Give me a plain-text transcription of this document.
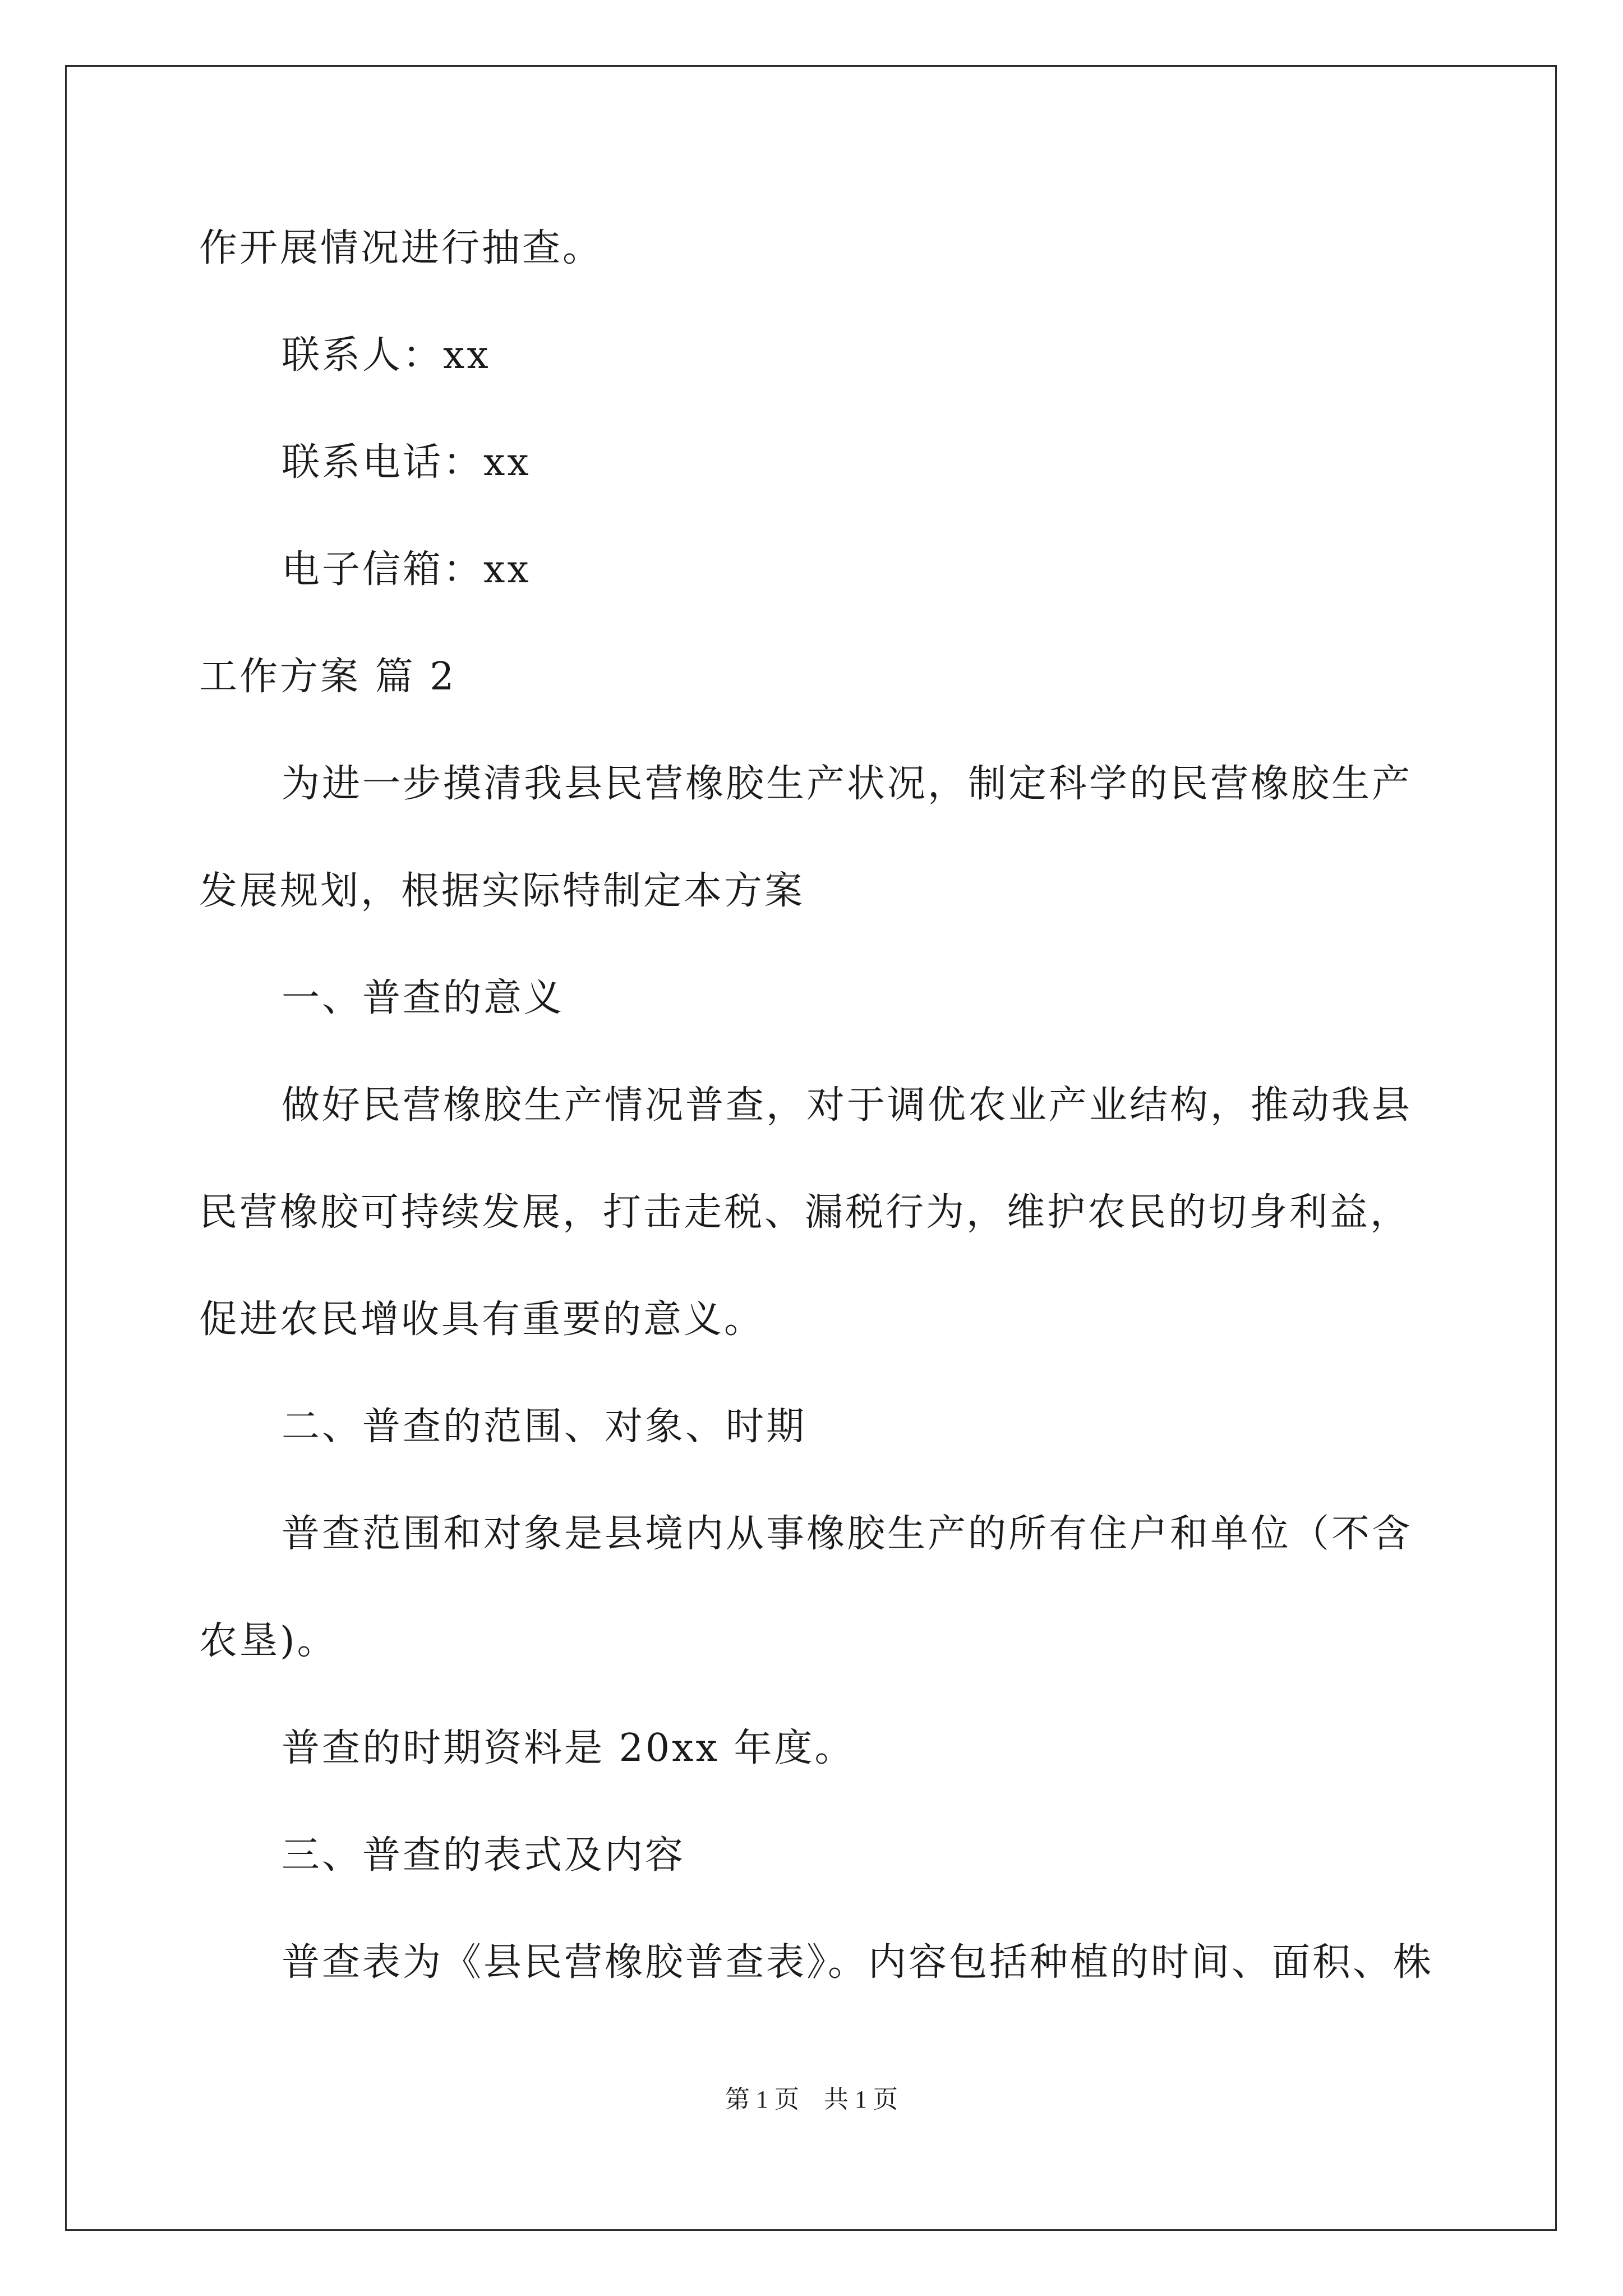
作开展情况进行抽查。
联系人：xx
联系电话：xx
电子信箱：xx
工作方案 篇 2
为进一步摸清我县民营橡胶生产状况，制定科学的民营橡胶生产
发展规划，根据实际特制定本方案
一、普查的意义
做好民营橡胶生产情况普查，对于调优农业产业结构，推动我县
民营橡胶可持续发展，打击走税、漏税行为，维护农民的切身利益，
促进农民增收具有重要的意义。
二、普查的范围、对象、时期
普查范围和对象是县境内从事橡胶生产的所有住户和单位（不含
农垦)。
普查的时期资料是 20xx 年度。
三、普查的表式及内容
普查表为《县民营橡胶普查表》。内容包括种植的时间、面积、株
第 1 页　共 1 页
